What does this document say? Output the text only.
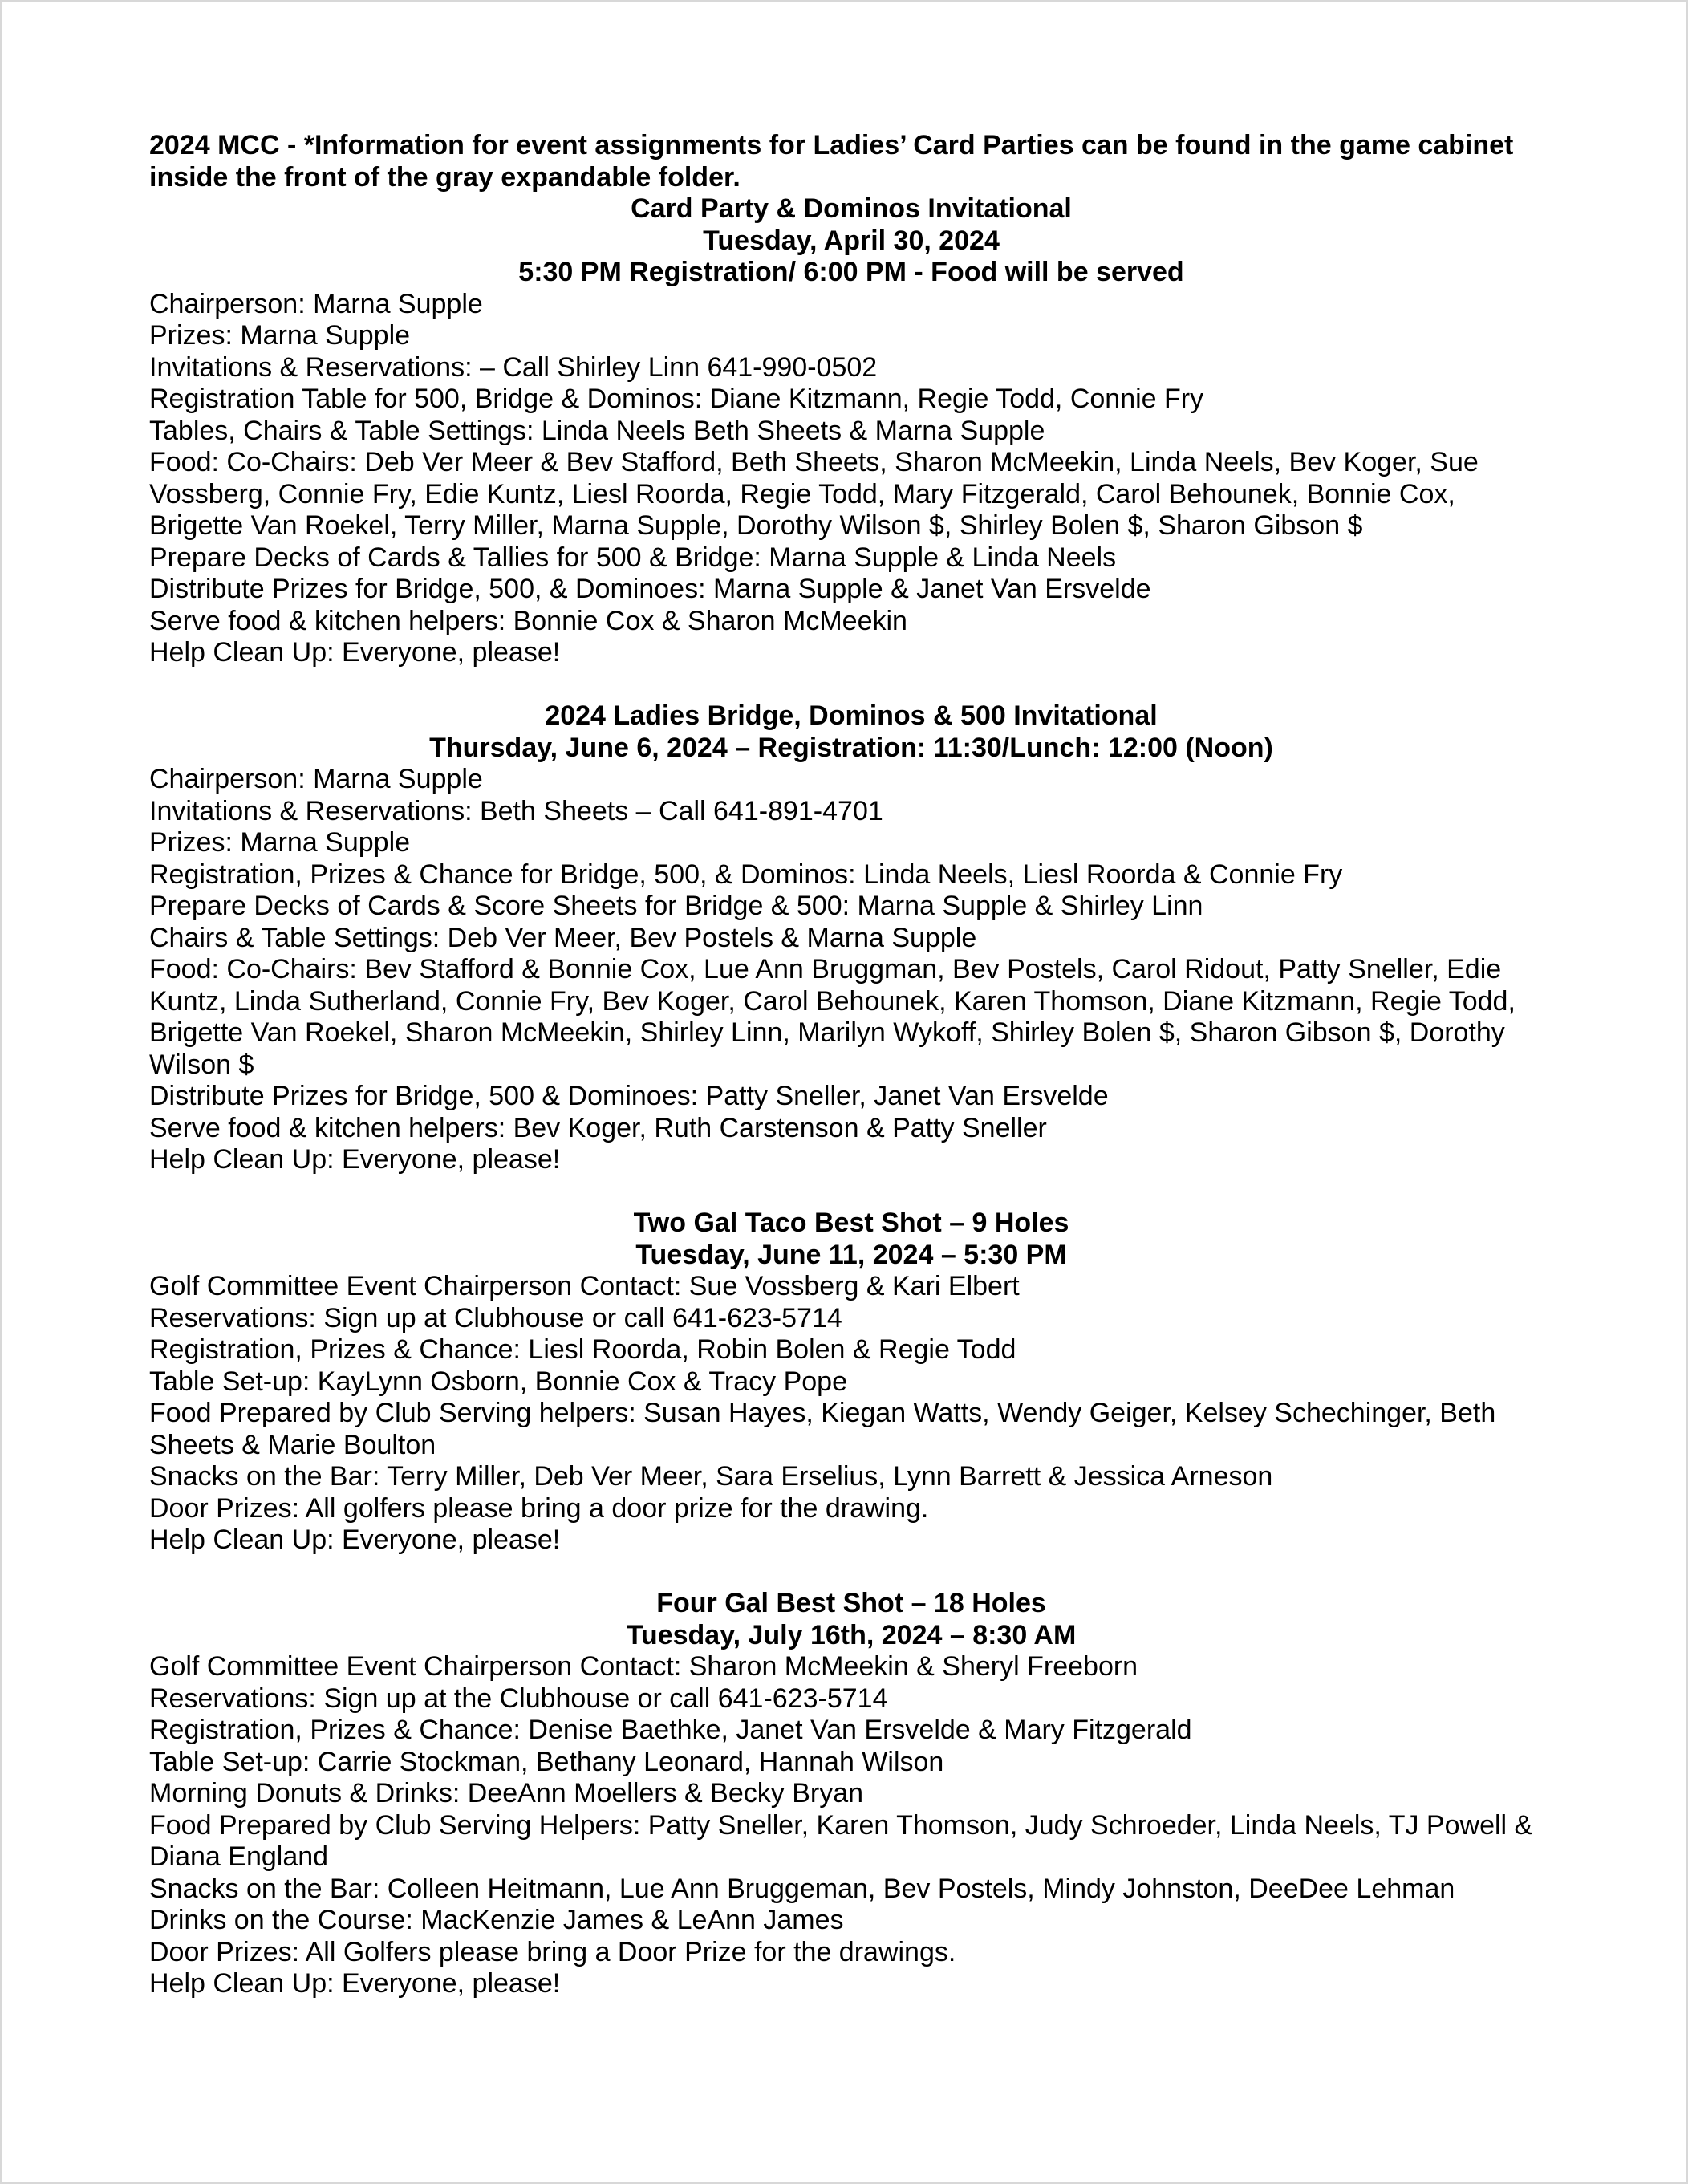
2024 MCC - *Information for event assignments for Ladies’ Card Parties can be found in the game cabinet inside the front of the gray expandable folder.

Card Party & Dominos Invitational

Tuesday, April 30, 2024

5:30 PM Registration/ 6:00 PM - Food will be served

Chairperson: Marna Supple

Prizes: Marna Supple

Invitations & Reservations: – Call Shirley Linn 641-990-0502

Registration Table for 500, Bridge & Dominos: Diane Kitzmann, Regie Todd, Connie Fry

Tables, Chairs & Table Settings: Linda Neels Beth Sheets & Marna Supple

Food: Co-Chairs: Deb Ver Meer & Bev Stafford, Beth Sheets, Sharon McMeekin, Linda Neels, Bev Koger, Sue Vossberg, Connie Fry, Edie Kuntz, Liesl Roorda, Regie Todd, Mary Fitzgerald, Carol Behounek, Bonnie Cox, Brigette Van Roekel, Terry Miller, Marna Supple, Dorothy Wilson $, Shirley Bolen $, Sharon Gibson $

Prepare Decks of Cards & Tallies for 500 & Bridge: Marna Supple & Linda Neels

Distribute Prizes for Bridge, 500, & Dominoes: Marna Supple & Janet Van Ersvelde

Serve food & kitchen helpers: Bonnie Cox & Sharon McMeekin

Help Clean Up: Everyone, please!

2024 Ladies Bridge, Dominos & 500 Invitational

Thursday, June 6, 2024 – Registration: 11:30/Lunch: 12:00 (Noon)

Chairperson: Marna Supple

Invitations & Reservations: Beth Sheets – Call 641-891-4701

Prizes: Marna Supple

Registration, Prizes & Chance for Bridge, 500, & Dominos: Linda Neels, Liesl Roorda & Connie Fry

Prepare Decks of Cards & Score Sheets for Bridge & 500: Marna Supple & Shirley Linn

Chairs & Table Settings: Deb Ver Meer, Bev Postels & Marna Supple

Food: Co-Chairs: Bev Stafford & Bonnie Cox, Lue Ann Bruggman, Bev Postels, Carol Ridout, Patty Sneller, Edie Kuntz, Linda Sutherland, Connie Fry, Bev Koger, Carol Behounek, Karen Thomson, Diane Kitzmann, Regie Todd, Brigette Van Roekel, Sharon McMeekin, Shirley Linn, Marilyn Wykoff, Shirley Bolen $, Sharon Gibson $, Dorothy Wilson $

Distribute Prizes for Bridge, 500 & Dominoes: Patty Sneller, Janet Van Ersvelde

Serve food & kitchen helpers: Bev Koger, Ruth Carstenson & Patty Sneller

Help Clean Up: Everyone, please!

Two Gal Taco Best Shot – 9 Holes

Tuesday, June 11, 2024 – 5:30 PM

Golf Committee Event Chairperson Contact: Sue Vossberg & Kari Elbert

Reservations: Sign up at Clubhouse or call 641-623-5714

Registration, Prizes & Chance: Liesl Roorda, Robin Bolen & Regie Todd

Table Set-up: KayLynn Osborn, Bonnie Cox & Tracy Pope

Food Prepared by Club Serving helpers: Susan Hayes, Kiegan Watts, Wendy Geiger, Kelsey Schechinger, Beth Sheets & Marie Boulton

Snacks on the Bar: Terry Miller, Deb Ver Meer, Sara Erselius, Lynn Barrett & Jessica Arneson

Door Prizes: All golfers please bring a door prize for the drawing.

Help Clean Up: Everyone, please!

Four Gal Best Shot – 18 Holes

Tuesday, July 16th, 2024 – 8:30 AM

Golf Committee Event Chairperson Contact: Sharon McMeekin & Sheryl Freeborn

Reservations: Sign up at the Clubhouse or call 641-623-5714

Registration, Prizes & Chance: Denise Baethke, Janet Van Ersvelde & Mary Fitzgerald

Table Set-up: Carrie Stockman, Bethany Leonard, Hannah Wilson

Morning Donuts & Drinks: DeeAnn Moellers & Becky Bryan

Food Prepared by Club Serving Helpers: Patty Sneller, Karen Thomson, Judy Schroeder, Linda Neels, TJ Powell & Diana England

Snacks on the Bar: Colleen Heitmann, Lue Ann Bruggeman, Bev Postels, Mindy Johnston, DeeDee Lehman

Drinks on the Course: MacKenzie James & LeAnn James

Door Prizes: All Golfers please bring a Door Prize for the drawings.

Help Clean Up: Everyone, please!
